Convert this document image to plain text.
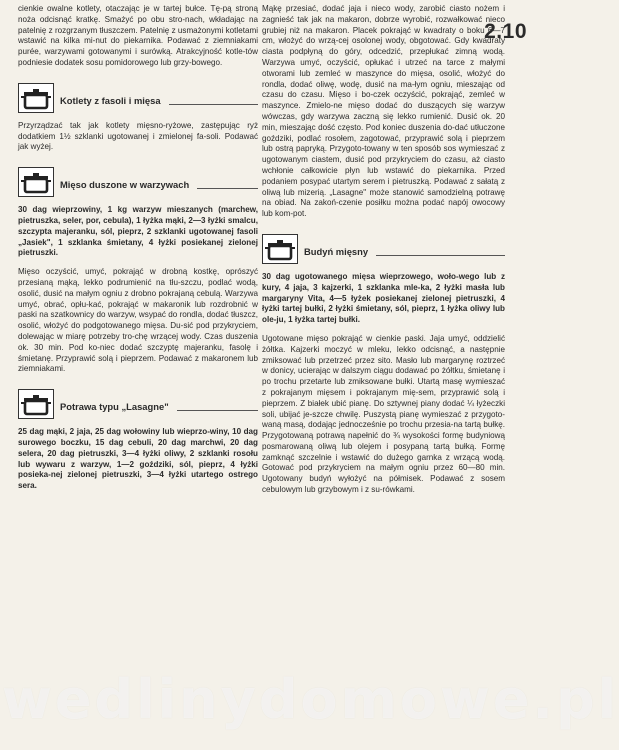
2.10

cienkie owalne kotlety, otaczając je w tartej bułce. Tę-pą stroną noża odcisnąć kratkę. Smażyć po obu stro-nach, wkładając na patelnię z rozgrzanym tłuszczem. Patelnię z usmażonymi kotletami wstawić na kilka mi-nut do piekarnika. Podawać z ziemniakami purée, warzywami gotowanymi i surówką. Atrakcyjność kotle-tów podniesie dodatek sosu pomidorowego lub grzy-bowego.

Kotlety z fasoli i mięsa

Przyrządzać tak jak kotlety mięsno-ryżowe, zastępując ryż dodatkiem 1½ szklanki ugotowanej i zmielonej fa-soli. Podawać jak wyżej.

Mięso duszone w warzywach

30 dag wieprzowiny, 1 kg warzyw mieszanych (marchew, pietruszka, seler, por, cebula), 1 łyżka mąki, 2—3 łyżki smalcu, szczypta majeranku, sól, pieprz, 2 szklanki ugotowanej fasoli „Jasiek", 1 szklanka śmietany, 4 łyżki posiekanej zielonej pietruszki.

Mięso oczyścić, umyć, pokrająć w drobną kostkę, oprószyć przesianą mąką, lekko podrumienić na tłu-szczu, podlać wodą, osolić, dusić na małym ogniu z drobno pokrajaną cebulą. Warzywa umyć, obrać, opłu-kać, pokrająć w makaronik lub rozdrobnić w paski na szatkownicy do warzyw, wsypać do rondla, dodać tłuszcz, osolić, włożyć do podgotowanego mięsa. Du-sić pod przykryciem, dolewając w miarę potrzeby tro-chę wrzącej wody. Czas duszenia ok. 30 min. Pod ko-niec dodać szczyptę majeranku, fasolę i śmietanę. Przyprawić solą i pieprzem. Podawać z makaronem lub ziemniakami.

Potrawa typu „Lasagne"

25 dag mąki, 2 jaja, 25 dag wołowiny lub wieprzo-winy, 10 dag surowego boczku, 15 dag cebuli, 20 dag marchwi, 20 dag selera, 20 dag pietruszki, 3—4 łyżki oliwy, 2 szklanki rosołu lub wywaru z warzyw, 1—2 goździki, sól, pieprz, 4 łyżki posieka-nej zielonej pietruszki, 3—4 łyżki utartego ostrego sera.

Mąkę przesiać, dodać jaja i nieco wody, zarobić ciasto nożem i zagnieść tak jak na makaron, dobrze wyrobić, rozwałkować nieco grubiej niż na makaron. Placek pokrająć w kwadraty o boku 6—7 cm, włożyć do wrzą-cej osolonej wody, obgotować. Gdy kwadraty ciasta podpłyną do góry, odcedzić, przepłukać zimną wodą. Warzywa umyć, oczyścić, opłukać i utrzeć na tarce z małymi otworami lub zemleć w maszynce do mięsa, osolić, włożyć do rondla, dodać oliwę, wodę, dusić na ma-łym ogniu, mieszając od czasu do czasu. Mięso i bo-czek oczyścić, pokrająć, zemleć w maszynce. Zmielo-ne mięso dodać do duszących się warzyw wówczas, gdy warzywa zaczną się lekko rumienić. Dusić ok. 20 min, mieszając dość często. Pod koniec duszenia do-dać utłuczone goździki, podlać rosołem, zagotować, przyprawić solą i pieprzem lub ostrą papryką. Przygoto-towany w ten sposób sos wymieszać z ugotowanym ciastem, dusić pod przykryciem do czasu, aż ciasto wchłonie całkowicie płyn lub wstawić do piekarnika. Przed podaniem posypać utartym serem i pietruszką. Podawać z sałatą z oliwą lub mizerią. „Lasagne" może stanowić samodzielną potrawę na obiad. Na zakoń-czenie posiłku można podać napój owocowy lub kom-pot.

Budyń mięsny

30 dag ugotowanego mięsa wieprzowego, woło-wego lub z kury, 4 jaja, 3 kajzerki, 1 szklanka mle-ka, 2 łyżki masła lub margaryny Vita, 4—5 łyżek posiekanej zielonej pietruszki, 4 łyżki tartej bułki, 2 łyżki śmietany, sól, pieprz, 1 łyżka oliwy lub ole-ju, 1 łyżka tartej bułki.

Ugotowane mięso pokrająć w cienkie paski. Jaja umyć, oddzielić żółtka. Kajzerki moczyć w mleku, lekko odcisnąć, a następnie zmiksować lub przetrzeć przez sito. Masło lub margarynę roztrzeć w donicy, ucierając w dalszym ciągu dodawać po żółtku, śmietanę i po trochu przetarte lub zmiksowane bułki. Utartą masę wymieszać z pokrajanym mięsem i pokrajanym mię-sem, przyprawić solą i pieprzem. Z białek ubić pianę. Do sztywnej piany dodać ¼ łyżeczki soli, ubijać je-szcze chwilę. Puszystą pianę wymieszać z przygoto-waną masą, dodając jednocześnie po trochu przesia-na tartą bułkę. Przygotowaną potrawą napełnić do ¾ wysokości formę budyniową posmarowaną oliwą lub olejem i posypaną tartą bułką. Formę zamknąć szczelnie i wstawić do dużego garnka z wrzącą wodą. Gotować pod przykryciem na małym ogniu przez 60—80 min. Ugotowany budyń wyłożyć na półmisek. Podawać z sosem cebulowym lub grzybowym i z su-rówkami.

wedlinydomowe.pl
